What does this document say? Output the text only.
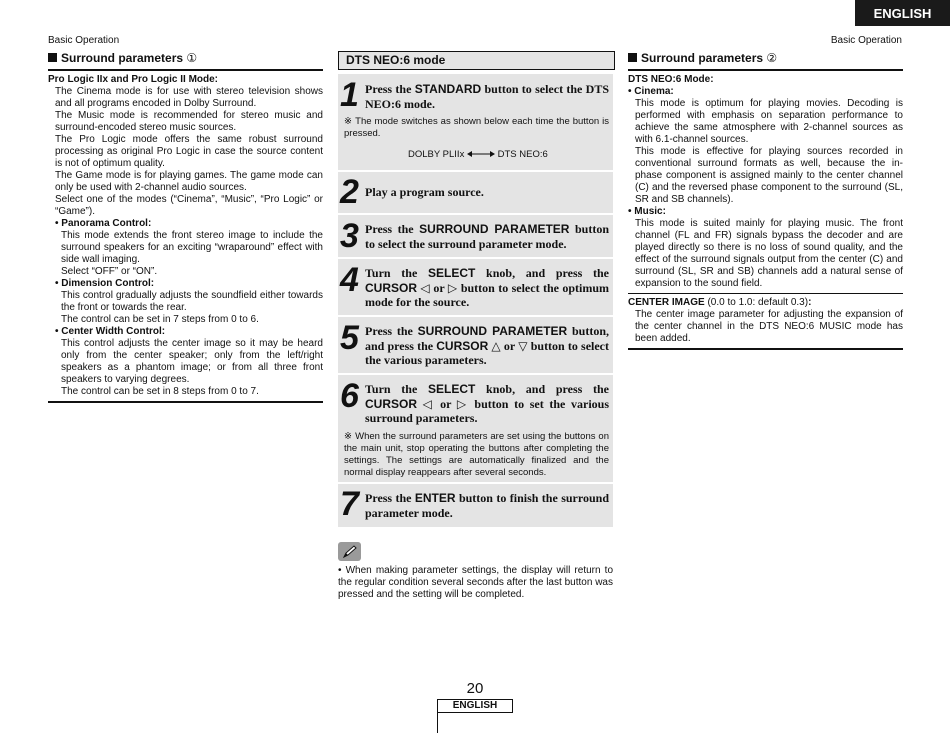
ENGLISH
Basic Operation	Basic Operation
Surround parameters ①
Pro Logic IIx and Pro Logic II Mode:

The Cinema mode is for use with stereo television shows and all programs encoded in Dolby Surround.

The Music mode is recommended for stereo music and surround-encoded stereo music sources.

The Pro Logic mode offers the same robust surround processing as original Pro Logic in case the source content is not of optimum quality.

The Game mode is for playing games. The game mode can only be used with 2-channel audio sources.

Select one of the modes (“Cinema”, “Music”, “Pro Logic” or “Game”).

• Panorama Control:

This mode extends the front stereo image to include the surround speakers for an exciting “wraparound” effect with side wall imaging.

Select “OFF” or “ON”.

• Dimension Control:

This control gradually adjusts the soundfield either towards the front or towards the rear.

The control can be set in 7 steps from 0 to 6.

• Center Width Control:

This control adjusts the center image so it may be heard only from the center speaker; only from the left/right speakers as a phantom image; or from all three front speakers to varying degrees.

The control can be set in 8 steps from 0 to 7.

DTS NEO:6 mode
1 Press the STANDARD button to select the DTS NEO:6 mode.
※ The mode switches as shown below each time the button is pressed.
DOLBY PLIIx	DTS NEO:6
2 Play a program source.
3 Press the SURROUND PARAMETER button to select the surround parameter mode.
4 Turn the SELECT knob, and press the CURSOR ◁ or ▷ button to select the optimum mode for the source.
5 Press the SURROUND PARAMETER button, and press the CURSOR △ or ▽ button to select the various parameters.
6 Turn the SELECT knob, and press the CURSOR ◁ or ▷ button to set the various surround parameters.
※ When the surround parameters are set using the buttons on the main unit, stop operating the buttons after completing the settings. The settings are automatically finalized and the normal display reappears after several seconds.
7 Press the ENTER button to finish the surround parameter mode.
• When making parameter settings, the display will return to the regular condition several seconds after the last button was pressed and the setting will be completed.
Surround parameters ②
DTS NEO:6 Mode:
• Cinema:

This mode is optimum for playing movies. Decoding is performed with emphasis on separation performance to achieve the same atmosphere with 2-channel sources as with 6.1-channel sources.

This mode is effective for playing sources recorded in conventional surround formats as well, because the in-phase component is assigned mainly to the center channel (C) and the reversed phase component to the surround (SL, SR and SB channels).

• Music:

This mode is suited mainly for playing music. The front channel (FL and FR) signals bypass the decoder and are played directly so there is no loss of sound quality, and the effect of the surround signals output from the center (C) and surround (SL, SR and SB) channels add a natural sense of expansion to the sound field.

CENTER IMAGE (0.0 to 1.0: default 0.3):
The center image parameter for adjusting the expansion of the center channel in the DTS NEO:6 MUSIC mode has been added.
20
ENGLISH
